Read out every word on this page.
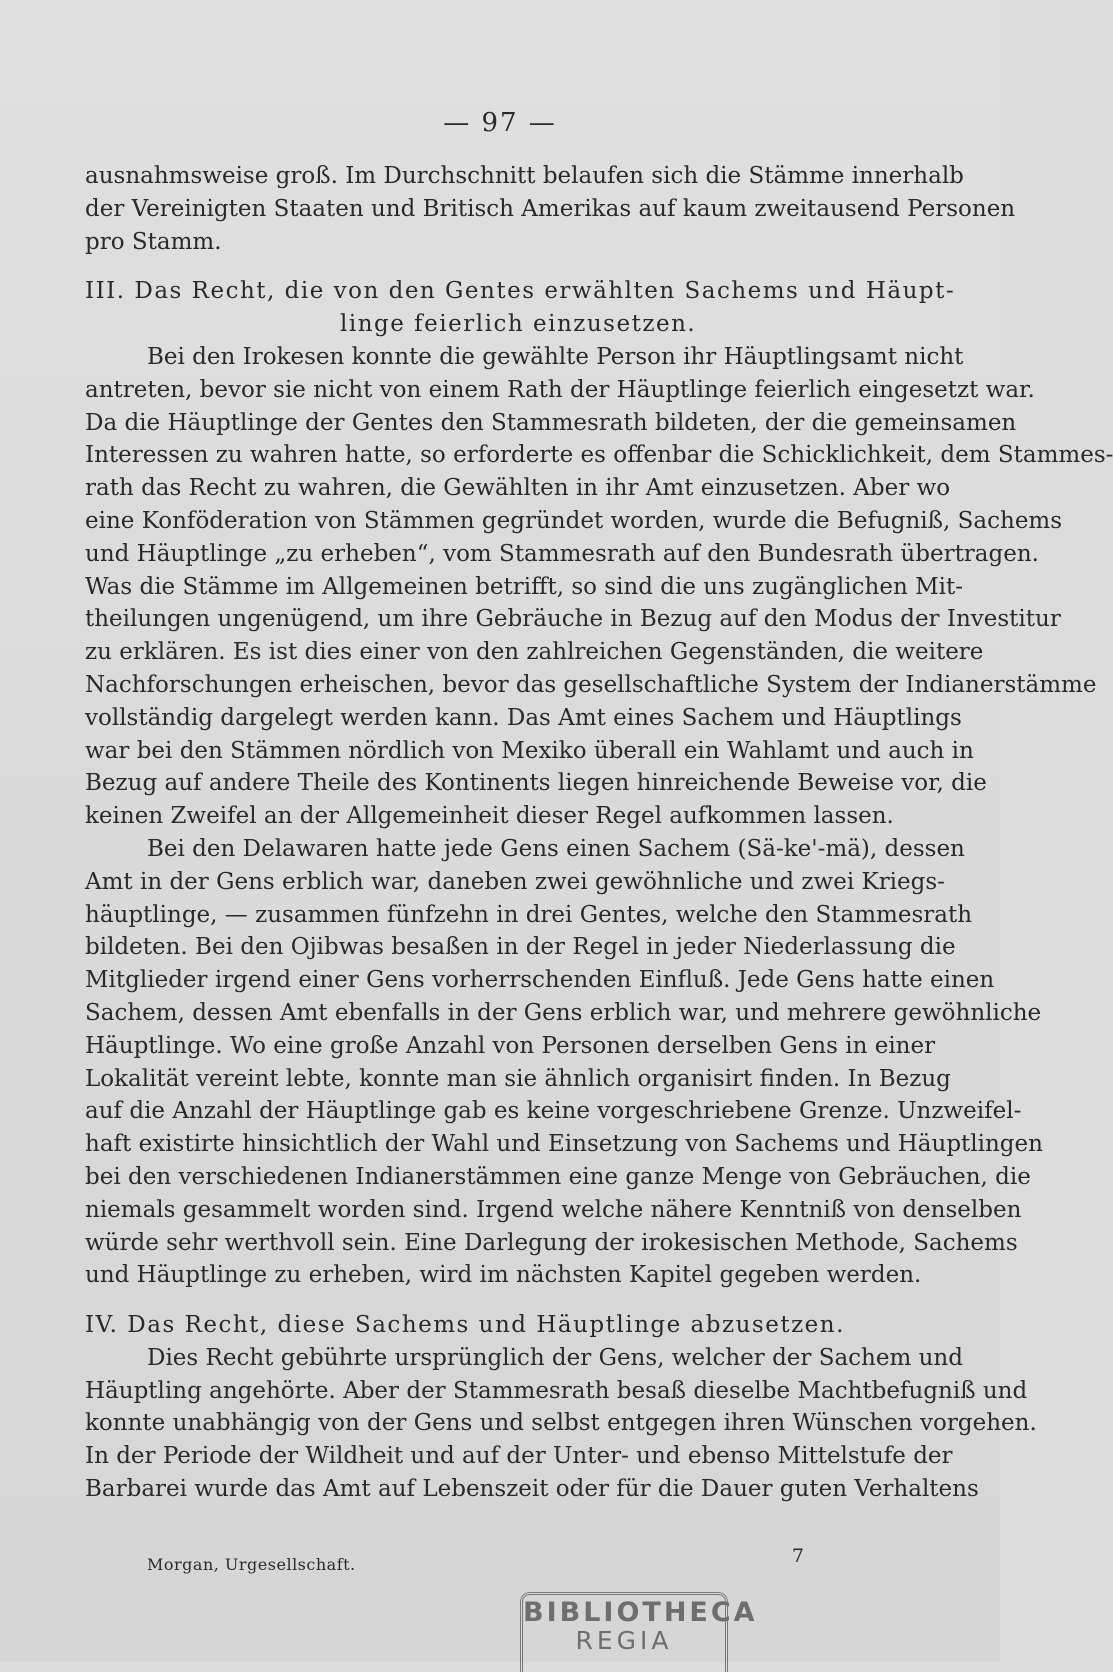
— 97 —
ausnahmsweise groß. Im Durchschnitt belaufen sich die Stämme innerhalb
der Vereinigten Staaten und Britisch Amerikas auf kaum zweitausend Personen
pro Stamm.
III. Das Recht, die von den Gentes erwählten Sachems und Häupt-
linge feierlich einzusetzen.
Bei den Irokesen konnte die gewählte Person ihr Häuptlingsamt nicht
antreten, bevor sie nicht von einem Rath der Häuptlinge feierlich eingesetzt war.
Da die Häuptlinge der Gentes den Stammesrath bildeten, der die gemeinsamen
Interessen zu wahren hatte, so erforderte es offenbar die Schicklichkeit, dem Stammes-
rath das Recht zu wahren, die Gewählten in ihr Amt einzusetzen. Aber wo
eine Konföderation von Stämmen gegründet worden, wurde die Befugniß, Sachems
und Häuptlinge „zu erheben“, vom Stammesrath auf den Bundesrath übertragen.
Was die Stämme im Allgemeinen betrifft, so sind die uns zugänglichen Mit-
theilungen ungenügend, um ihre Gebräuche in Bezug auf den Modus der Investitur
zu erklären. Es ist dies einer von den zahlreichen Gegenständen, die weitere
Nachforschungen erheischen, bevor das gesellschaftliche System der Indianerstämme
vollständig dargelegt werden kann. Das Amt eines Sachem und Häuptlings
war bei den Stämmen nördlich von Mexiko überall ein Wahlamt und auch in
Bezug auf andere Theile des Kontinents liegen hinreichende Beweise vor, die
keinen Zweifel an der Allgemeinheit dieser Regel aufkommen lassen.
Bei den Delawaren hatte jede Gens einen Sachem (Sä-ke'-mä), dessen
Amt in der Gens erblich war, daneben zwei gewöhnliche und zwei Kriegs-
häuptlinge, — zusammen fünfzehn in drei Gentes, welche den Stammesrath
bildeten. Bei den Ojibwas besaßen in der Regel in jeder Niederlassung die
Mitglieder irgend einer Gens vorherrschenden Einfluß. Jede Gens hatte einen
Sachem, dessen Amt ebenfalls in der Gens erblich war, und mehrere gewöhnliche
Häuptlinge. Wo eine große Anzahl von Personen derselben Gens in einer
Lokalität vereint lebte, konnte man sie ähnlich organisirt finden. In Bezug
auf die Anzahl der Häuptlinge gab es keine vorgeschriebene Grenze. Unzweifel-
haft existirte hinsichtlich der Wahl und Einsetzung von Sachems und Häuptlingen
bei den verschiedenen Indianerstämmen eine ganze Menge von Gebräuchen, die
niemals gesammelt worden sind. Irgend welche nähere Kenntniß von denselben
würde sehr werthvoll sein. Eine Darlegung der irokesischen Methode, Sachems
und Häuptlinge zu erheben, wird im nächsten Kapitel gegeben werden.
IV. Das Recht, diese Sachems und Häuptlinge abzusetzen.
Dies Recht gebührte ursprünglich der Gens, welcher der Sachem und
Häuptling angehörte. Aber der Stammesrath besaß dieselbe Machtbefugniß und
konnte unabhängig von der Gens und selbst entgegen ihren Wünschen vorgehen.
In der Periode der Wildheit und auf der Unter- und ebenso Mittelstufe der
Barbarei wurde das Amt auf Lebenszeit oder für die Dauer guten Verhaltens
Morgan, Urgesellschaft.	7
BIBLIOTHECA
REGIA
